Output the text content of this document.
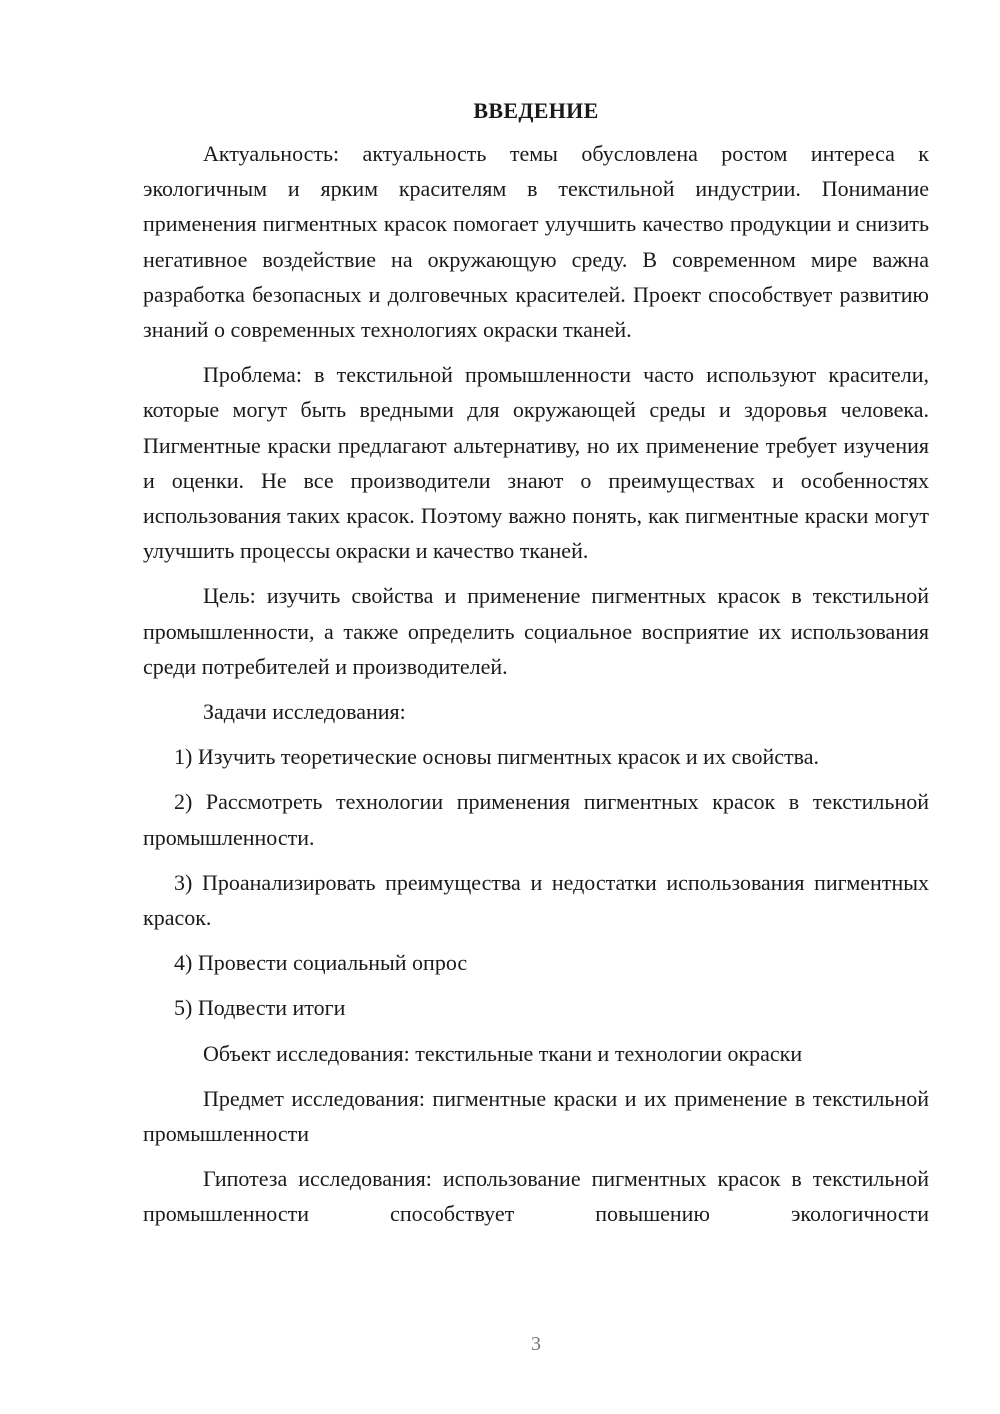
ВВЕДЕНИЕ

Актуальность: актуальность темы обусловлена ростом интереса к экологичным и ярким красителям в текстильной индустрии. Понимание применения пигментных красок помогает улучшить качество продукции и снизить негативное воздействие на окружающую среду. В современном мире важна разработка безопасных и долговечных красителей. Проект способствует развитию знаний о современных технологиях окраски тканей.

Проблема: в текстильной промышленности часто используют красители, которые могут быть вредными для окружающей среды и здоровья человека. Пигментные краски предлагают альтернативу, но их применение требует изучения и оценки. Не все производители знают о преимуществах и особенностях использования таких красок. Поэтому важно понять, как пигментные краски могут улучшить процессы окраски и качество тканей.

Цель: изучить свойства и применение пигментных красок в текстильной промышленности, а также определить социальное восприятие их использования среди потребителей и производителей.

Задачи исследования:

1) Изучить теоретические основы пигментных красок и их свойства.

2) Рассмотреть технологии применения пигментных красок в текстильной промышленности.

3) Проанализировать преимущества и недостатки использования пигментных красок.

4) Провести социальный опрос

5) Подвести итоги

Объект исследования: текстильные ткани и технологии окраски

Предмет исследования: пигментные краски и их применение в текстильной промышленности

Гипотеза исследования: использование пигментных красок в текстильной промышленности способствует повышению экологичности

3
